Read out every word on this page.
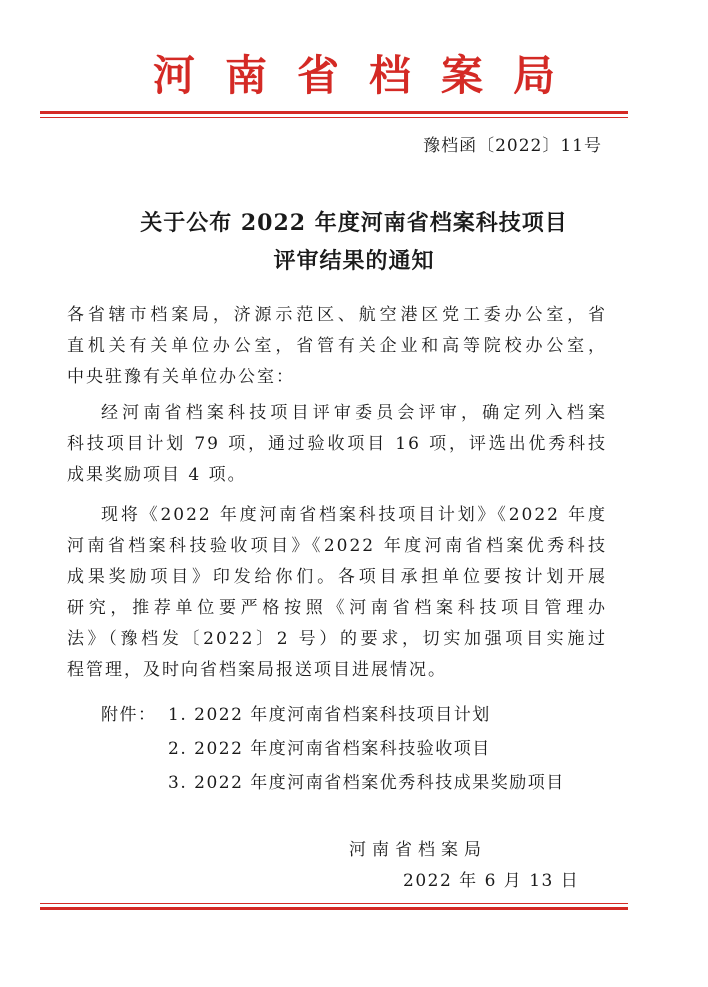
河南省档案局
豫档函〔2022〕11号
关于公布 2022 年度河南省档案科技项目
评审结果的通知
各省辖市档案局，济源示范区、航空港区党工委办公室，省
直机关有关单位办公室，省管有关企业和高等院校办公室，
中央驻豫有关单位办公室：
经河南省档案科技项目评审委员会评审，确定列入档案
科技项目计划 79 项，通过验收项目 16 项，评选出优秀科技
成果奖励项目 4 项。
现将《2022 年度河南省档案科技项目计划》《2022 年度
河南省档案科技验收项目》《2022 年度河南省档案优秀科技
成果奖励项目》印发给你们。各项目承担单位要按计划开展
研究，推荐单位要严格按照《河南省档案科技项目管理办
法》（豫档发〔2022〕2 号）的要求，切实加强项目实施过
程管理，及时向省档案局报送项目进展情况。
附件： 1. 2022 年度河南省档案科技项目计划
2. 2022 年度河南省档案科技验收项目
3. 2022 年度河南省档案优秀科技成果奖励项目
河南省档案局
2022 年 6 月 13 日
